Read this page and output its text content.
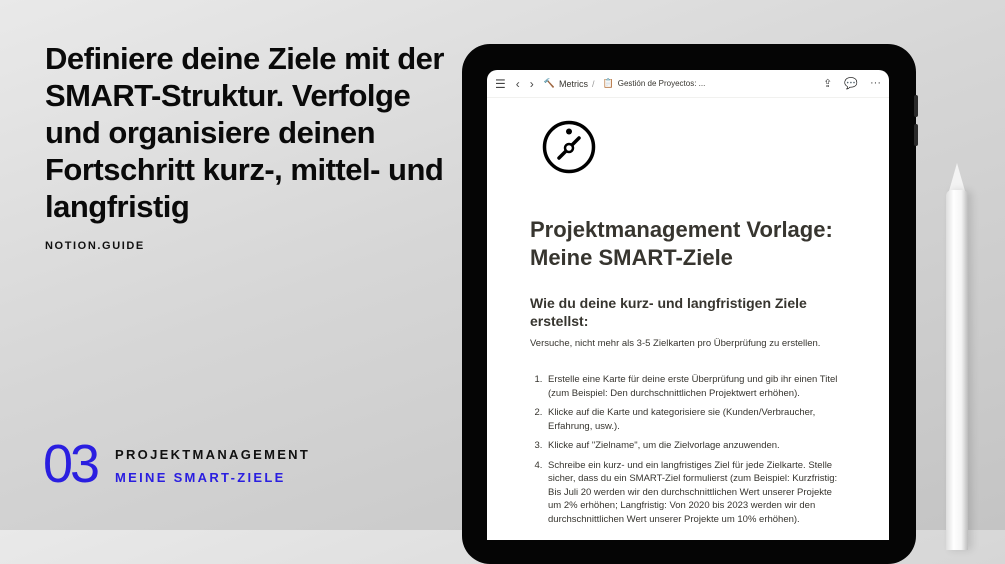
Definiere deine Ziele mit der SMART-Struktur. Verfolge und organisiere deinen Fortschritt kurz-, mittel- und langfristig
NOTION.GUIDE
03 PROJEKTMANAGEMENT
MEINE SMART-ZIELE
☰ ‹ › 🔨 Metrics / 📋 Gestión de Proyectos: ...	⇪ 💬 ···
Projektmanagement Vorlage: Meine SMART-Ziele
Wie du deine kurz- und langfristigen Ziele erstellst:
Versuche, nicht mehr als 3-5 Zielkarten pro Überprüfung zu erstellen.
1. Erstelle eine Karte für deine erste Überprüfung und gib ihr einen Titel (zum Beispiel: Den durchschnittlichen Projektwert erhöhen).
2. Klicke auf die Karte und kategorisiere sie (Kunden/Verbraucher, Erfahrung, usw.).
3. Klicke auf "Zielname", um die Zielvorlage anzuwenden.
4. Schreibe ein kurz- und ein langfristiges Ziel für jede Zielkarte. Stelle sicher, dass du ein SMART-Ziel formulierst (zum Beispiel: Kurzfristig: Bis Juli 20 werden wir den durchschnittlichen Wert unserer Projekte um 2% erhöhen; Langfristig: Von 2020 bis 2023 werden wir den durchschnittlichen Wert unserer Projekte um 10% erhöhen).
